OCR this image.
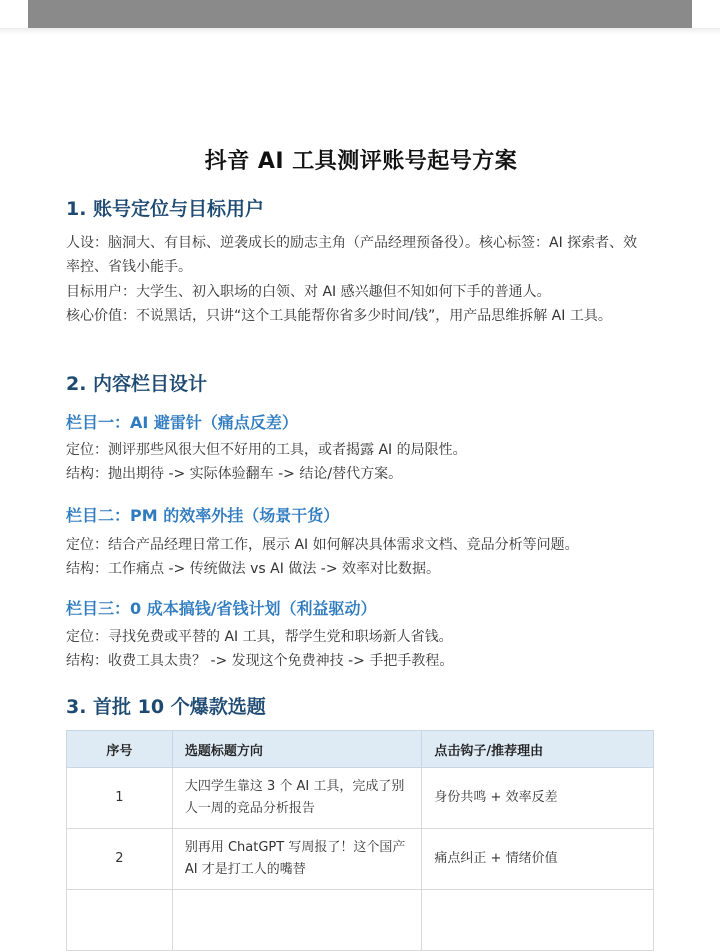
抖音 AI 工具测评账号起号方案
1. 账号定位与目标用户
人设：脑洞大、有目标、逆袭成长的励志主角（产品经理预备役）。核心标签：AI 探索者、效率控、省钱小能手。
目标用户：大学生、初入职场的白领、对 AI 感兴趣但不知如何下手的普通人。
核心价值：不说黑话，只讲“这个工具能帮你省多少时间/钱”，用产品思维拆解 AI 工具。
2. 内容栏目设计
栏目一：AI 避雷针（痛点反差）
定位：测评那些风很大但不好用的工具，或者揭露 AI 的局限性。
结构：抛出期待 -> 实际体验翻车 -> 结论/替代方案。
栏目二：PM 的效率外挂（场景干货）
定位：结合产品经理日常工作，展示 AI 如何解决具体需求文档、竞品分析等问题。
结构：工作痛点 -> 传统做法 vs AI 做法 -> 效率对比数据。
栏目三：0 成本搞钱/省钱计划（利益驱动）
定位：寻找免费或平替的 AI 工具，帮学生党和职场新人省钱。
结构：收费工具太贵？ -> 发现这个免费神技 -> 手把手教程。
3. 首批 10 个爆款选题
序号	选题标题方向	点击钩子/推荐理由
1	大四学生靠这 3 个 AI 工具，完成了别人一周的竞品分析报告	身份共鸣 + 效率反差
2	别再用 ChatGPT 写周报了！这个国产 AI 才是打工人的嘴替	痛点纠正 + 情绪价值
